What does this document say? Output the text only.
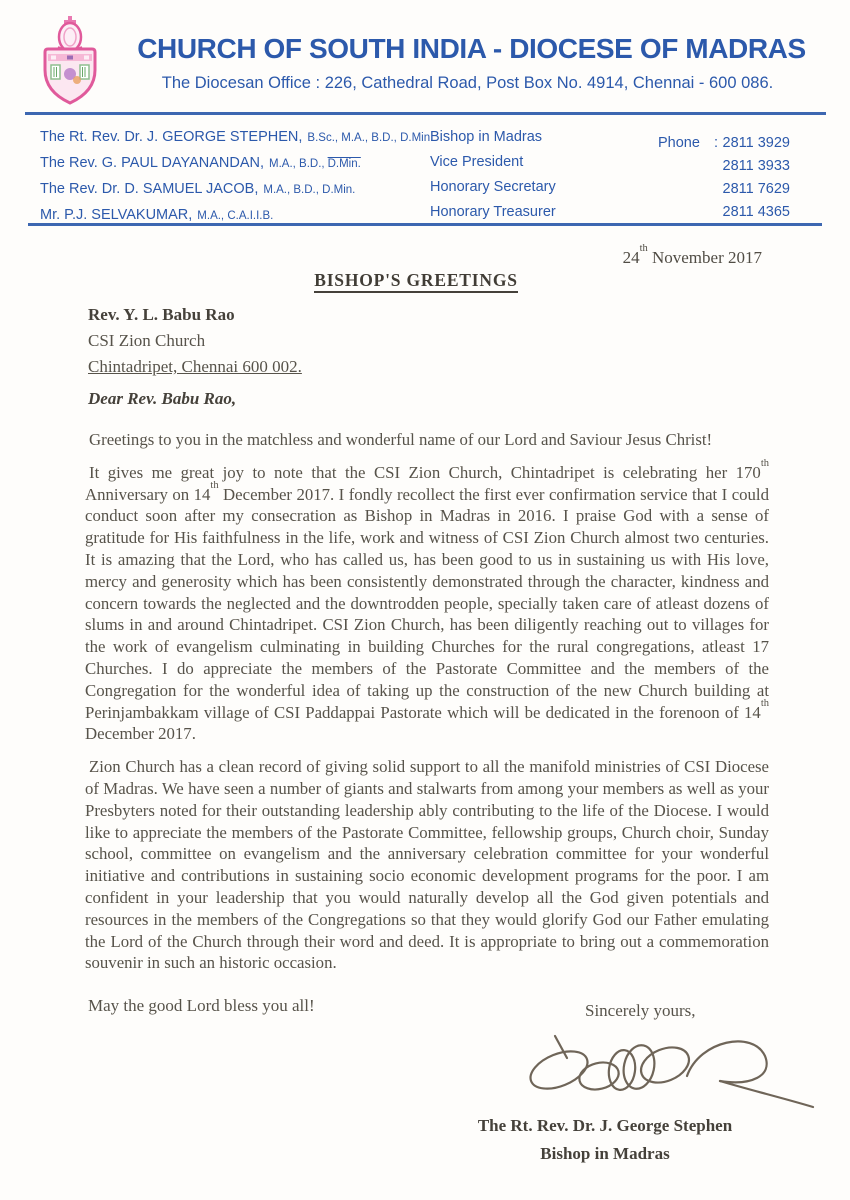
CHURCH OF SOUTH INDIA - DIOCESE OF MADRAS
The Diocesan Office : 226, Cathedral Road, Post Box No. 4914, Chennai - 600 086.
The Rt. Rev. Dr. J. GEORGE STEPHEN, B.Sc., M.A., B.D., D.Min.
The Rev. G. PAUL DAYANANDAN, M.A., B.D., D.Min.
The Rev. Dr. D. SAMUEL JACOB, M.A., B.D., D.Min.
Mr. P.J. SELVAKUMAR, M.A., C.A.I.I.B.
Bishop in Madras
Vice President
Honorary Secretary
Honorary Treasurer
Phone : 2811 3929
2811 3933
2811 7629
2811 4365
24th November 2017
BISHOP'S GREETINGS
Rev. Y. L. Babu Rao
CSI Zion Church
Chintadripet, Chennai 600 002.
Dear Rev. Babu Rao,

Greetings to you in the matchless and wonderful name of our Lord and Saviour Jesus Christ!

It gives me great joy to note that the CSI Zion Church, Chintadripet is celebrating her 170th Anniversary on 14th December 2017. I fondly recollect the first ever confirmation service that I could conduct soon after my consecration as Bishop in Madras in 2016. I praise God with a sense of gratitude for His faithfulness in the life, work and witness of CSI Zion Church almost two centuries. It is amazing that the Lord, who has called us, has been good to us in sustaining us with His love, mercy and generosity which has been consistently demonstrated through the character, kindness and concern towards the neglected and the downtrodden people, specially taken care of atleast dozens of slums in and around Chintadripet. CSI Zion Church, has been diligently reaching out to villages for the work of evangelism culminating in building Churches for the rural congregations, atleast 17 Churches. I do appreciate the members of the Pastorate Committee and the members of the Congregation for the wonderful idea of taking up the construction of the new Church building at Perinjambakkam village of CSI Paddappai Pastorate which will be dedicated in the forenoon of 14th December 2017.

Zion Church has a clean record of giving solid support to all the manifold ministries of CSI Diocese of Madras. We have seen a number of giants and stalwarts from among your members as well as your Presbyters noted for their outstanding leadership ably contributing to the life of the Diocese. I would like to appreciate the members of the Pastorate Committee, fellowship groups, Church choir, Sunday school, committee on evangelism and the anniversary celebration committee for your wonderful initiative and contributions in sustaining socio economic development programs for the poor. I am confident in your leadership that you would naturally develop all the God given potentials and resources in the members of the Congregations so that they would glorify God our Father emulating the Lord of the Church through their word and deed. It is appropriate to bring out a commemoration souvenir in such an historic occasion.

May the good Lord bless you all!	Sincerely yours,
The Rt. Rev. Dr. J. George Stephen
Bishop in Madras
